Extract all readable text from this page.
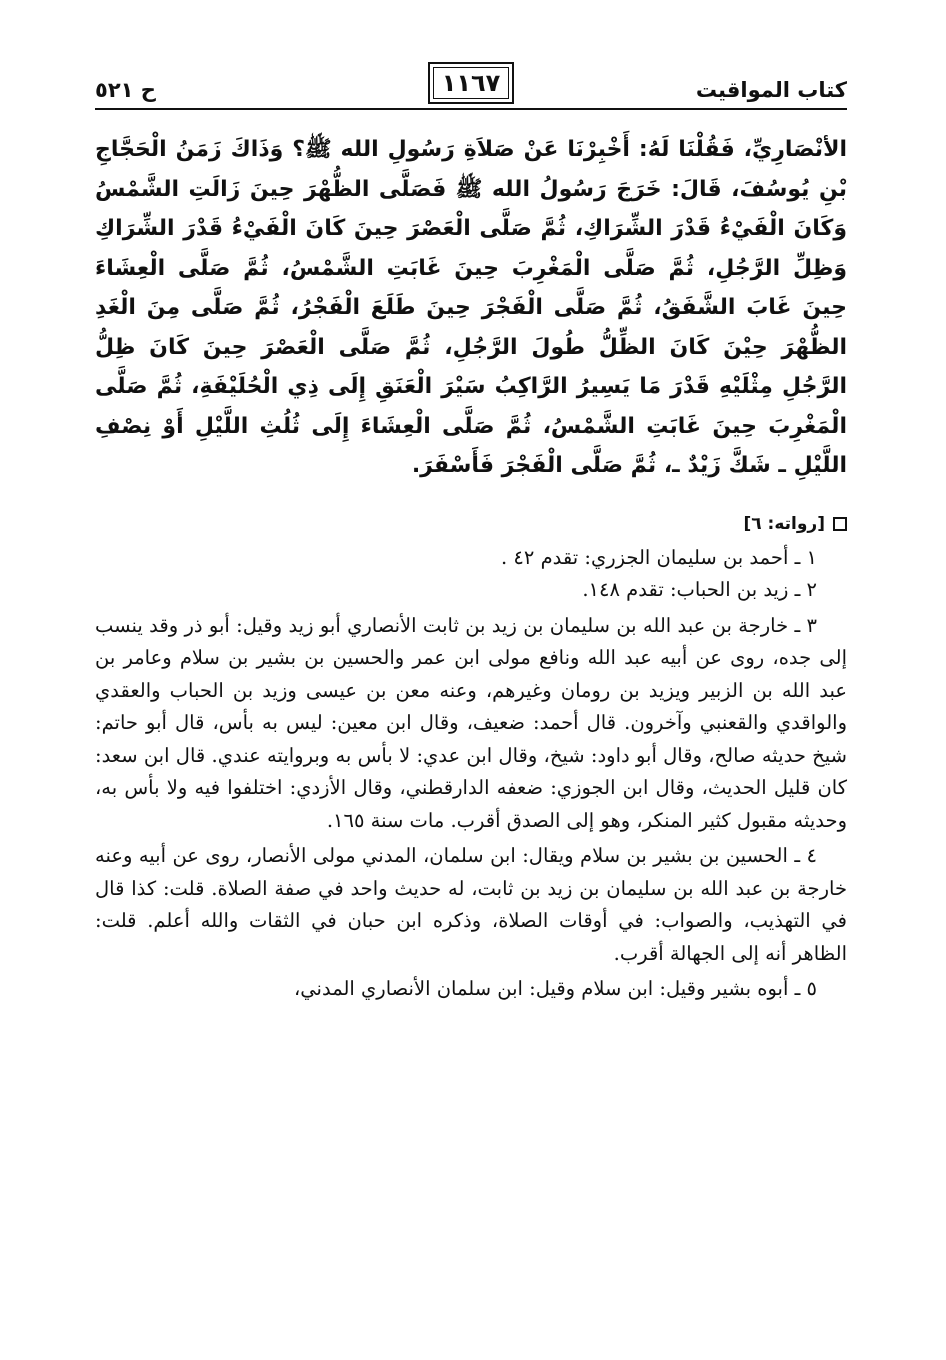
كتاب المواقيت
١١٦٧
ح ٥٢١
الأنْصَارِيِّ، فَقُلْنَا لَهُ: أَخْبِرْنَا عَنْ صَلاَةِ رَسُولِ الله ﷺ؟ وَذَاكَ زَمَنُ الْحَجَّاجِ بْنِ يُوسُفَ، قَالَ: خَرَجَ رَسُولُ الله ﷺ فَصَلَّى الظُّهْرَ حِينَ زَالَتِ الشَّمْسُ وَكَانَ الْفَيْءُ قَدْرَ الشِّرَاكِ، ثُمَّ صَلَّى الْعَصْرَ حِينَ كَانَ الْفَيْءُ قَدْرَ الشِّرَاكِ وَظِلِّ الرَّجُلِ، ثُمَّ صَلَّى الْمَغْرِبَ حِينَ غَابَتِ الشَّمْسُ، ثُمَّ صَلَّى الْعِشَاءَ حِينَ غَابَ الشَّفَقُ، ثُمَّ صَلَّى الْفَجْرَ حِينَ طَلَعَ الْفَجْرُ، ثُمَّ صَلَّى مِنَ الْغَدِ الظُّهْرَ حِيْنَ كَانَ الظِّلُّ طُولَ الرَّجُلِ، ثُمَّ صَلَّى الْعَصْرَ حِينَ كَانَ ظِلُّ الرَّجُلِ مِثْلَيْهِ قَدْرَ مَا يَسِيرُ الرَّاكِبُ سَيْرَ الْعَنَقِ إِلَى ذِي الْحُلَيْفَةِ، ثُمَّ صَلَّى الْمَغْرِبَ حِينَ غَابَتِ الشَّمْسُ، ثُمَّ صَلَّى الْعِشَاءَ إِلَى ثُلُثِ اللَّيْلِ أَوْ نِصْفِ اللَّيْلِ ـ شَكَّ زَيْدٌ ـ، ثُمَّ صَلَّى الْفَجْرَ فَأَسْفَرَ.
[رواته: ٦]

١ ـ أحمد بن سليمان الجزري: تقدم ٤٢ .

٢ ـ زيد بن الحباب: تقدم ١٤٨.

٣ ـ خارجة بن عبد الله بن سليمان بن زيد بن ثابت الأنصاري أبو زيد وقيل: أبو ذر وقد ينسب إلى جده، روى عن أبيه عبد الله ونافع مولى ابن عمر والحسين بن بشير بن سلام وعامر بن عبد الله بن الزبير ويزيد بن رومان وغيرهم، وعنه معن بن عيسى وزيد بن الحباب والعقدي والواقدي والقعنبي وآخرون. قال أحمد: ضعيف، وقال ابن معين: ليس به بأس، قال أبو حاتم: شيخ حديثه صالح، وقال أبو داود: شيخ، وقال ابن عدي: لا بأس به وبروايته عندي. قال ابن سعد: كان قليل الحديث، وقال ابن الجوزي: ضعفه الدارقطني، وقال الأزدي: اختلفوا فيه ولا بأس به، وحديثه مقبول كثير المنكر، وهو إلى الصدق أقرب. مات سنة ١٦٥.

٤ ـ الحسين بن بشير بن سلام ويقال: ابن سلمان، المدني مولى الأنصار، روى عن أبيه وعنه خارجة بن عبد الله بن سليمان بن زيد بن ثابت، له حديث واحد في صفة الصلاة. قلت: كذا قال في التهذيب، والصواب: في أوقات الصلاة، وذكره ابن حبان في الثقات والله أعلم. قلت: الظاهر أنه إلى الجهالة أقرب.

٥ ـ أبوه بشير وقيل: ابن سلام وقيل: ابن سلمان الأنصاري المدني،
